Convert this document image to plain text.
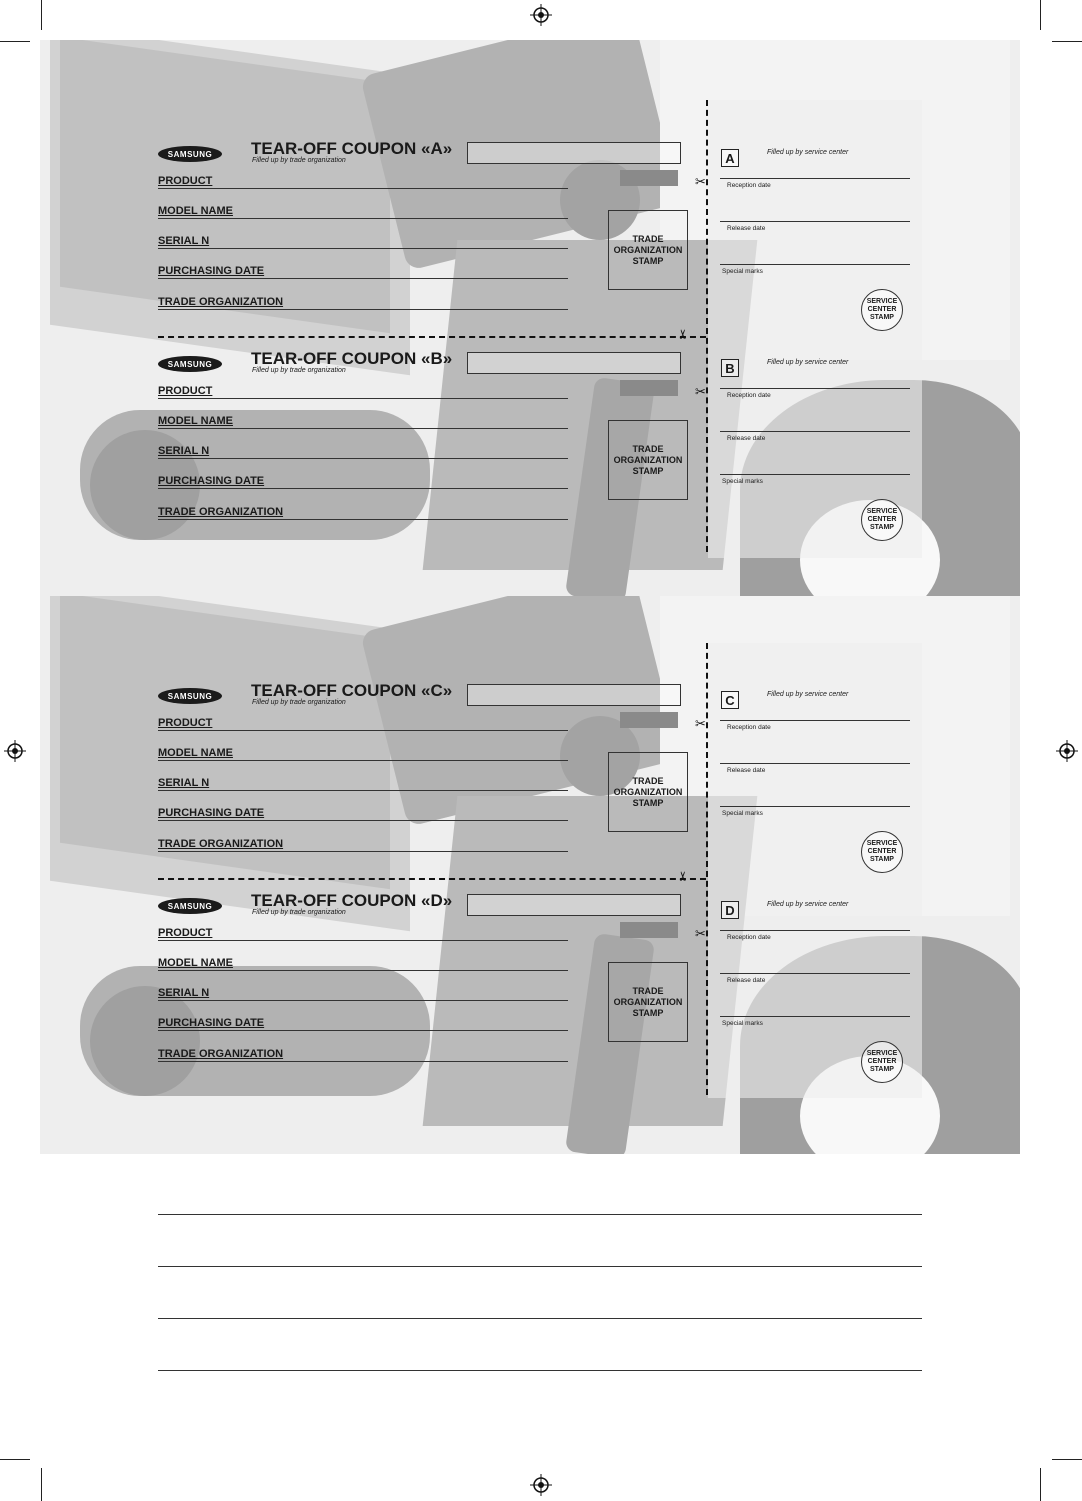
SAMSUNG	TEAR-OFF COUPON «A»
Filled up by trade organization
PRODUCT
MODEL NAME
SERIAL N
PURCHASING DATE
TRADE ORGANIZATION
TRADE
ORGANIZATION
STAMP
✂
A	Filled up by service center
Reception date
Release date
Special marks
SERVICE
CENTER
STAMP
SAMSUNG	TEAR-OFF COUPON «B»
Filled up by trade organization
PRODUCT
MODEL NAME
SERIAL N
PURCHASING DATE
TRADE ORGANIZATION
TRADE
ORGANIZATION
STAMP
✂
B	Filled up by service center
Reception date
Release date
Special marks
SERVICE
CENTER
STAMP
SAMSUNG	TEAR-OFF COUPON «C»
Filled up by trade organization
PRODUCT
MODEL NAME
SERIAL N
PURCHASING DATE
TRADE ORGANIZATION
TRADE
ORGANIZATION
STAMP
✂
C	Filled up by service center
Reception date
Release date
Special marks
SERVICE
CENTER
STAMP
SAMSUNG	TEAR-OFF COUPON «D»
Filled up by trade organization
PRODUCT
MODEL NAME
SERIAL N
PURCHASING DATE
TRADE ORGANIZATION
TRADE
ORGANIZATION
STAMP
✂
D	Filled up by service center
Reception date
Release date
Special marks
SERVICE
CENTER
STAMP
✂
✂
